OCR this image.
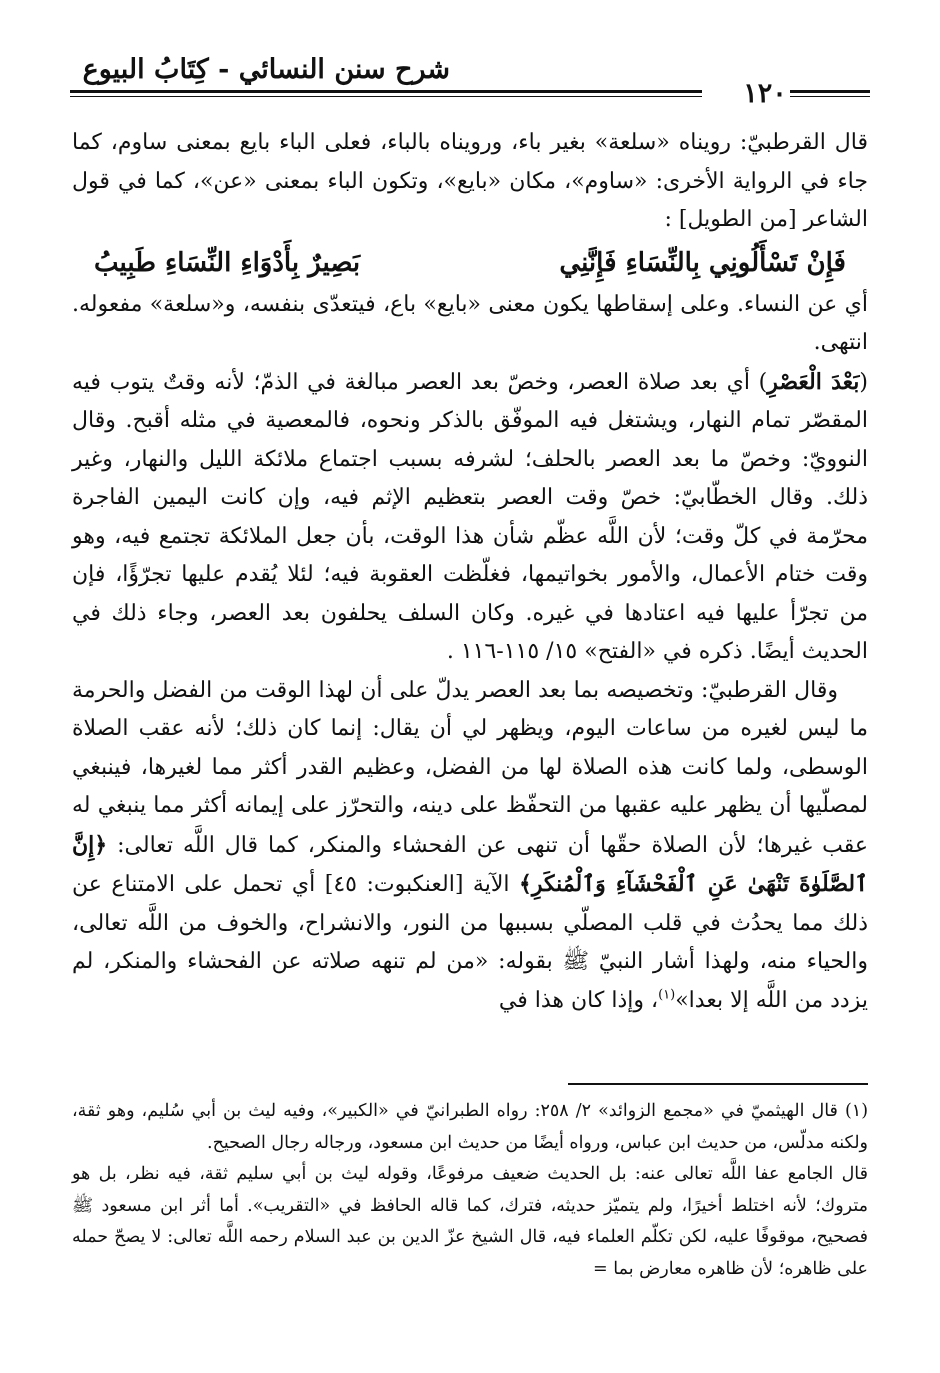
شرح سنن النسائي - كِتَابُ البيوع
١٢٠

قال القرطبيّ: رويناه «سلعة» بغير باء، ورويناه بالباء، فعلى الباء بايع بمعنى ساوم، كما جاء في الرواية الأخرى: «ساوم»، مكان «بايع»، وتكون الباء بمعنى «عن»، كما في قول الشاعر [من الطويل] :

فَإِنْ تَسْأَلُونِي بِالنِّسَاءِ فَإِنَّنِي
بَصِيرٌ بِأَدْوَاءِ النِّسَاءِ طَبِيبُ

أي عن النساء. وعلى إسقاطها يكون معنى «بايع» باع، فيتعدّى بنفسه، و«سلعة» مفعوله. انتهى.

(بَعْدَ الْعَصْرِ) أي بعد صلاة العصر، وخصّ بعد العصر مبالغة في الذمّ؛ لأنه وقتٌ يتوب فيه المقصّر تمام النهار، ويشتغل فيه الموفّق بالذكر ونحوه، فالمعصية في مثله أقبح. وقال النوويّ: وخصّ ما بعد العصر بالحلف؛ لشرفه بسبب اجتماع ملائكة الليل والنهار، وغير ذلك. وقال الخطّابيّ: خصّ وقت العصر بتعظيم الإثم فيه، وإن كانت اليمين الفاجرة محرّمة في كلّ وقت؛ لأن اللَّه عظّم شأن هذا الوقت، بأن جعل الملائكة تجتمع فيه، وهو وقت ختام الأعمال، والأمور بخواتيمها، فغلّظت العقوبة فيه؛ لئلا يُقدم عليها تجرّؤًا، فإن من تجرّأ عليها فيه اعتادها في غيره. وكان السلف يحلفون بعد العصر، وجاء ذلك في الحديث أيضًا. ذكره في «الفتح» ١٥/ ١١٥-١١٦ .

وقال القرطبيّ: وتخصيصه بما بعد العصر يدلّ على أن لهذا الوقت من الفضل والحرمة ما ليس لغيره من ساعات اليوم، ويظهر لي أن يقال: إنما كان ذلك؛ لأنه عقب الصلاة الوسطى، ولما كانت هذه الصلاة لها من الفضل، وعظيم القدر أكثر مما لغيرها، فينبغي لمصلّيها أن يظهر عليه عقبها من التحفّظ على دينه، والتحرّز على إيمانه أكثر مما ينبغي له عقب غيرها؛ لأن الصلاة حقّها أن تنهى عن الفحشاء والمنكر، كما قال اللَّه تعالى: ﴿إِنَّ ٱلصَّلَوٰةَ تَنْهَىٰ عَنِ ٱلْفَحْشَآءِ وَٱلْمُنكَرِ﴾ الآية [العنكبوت: ٤٥] أي تحمل على الامتناع عن ذلك مما يحدُث في قلب المصلّي بسببها من النور، والانشراح، والخوف من اللَّه تعالى، والحياء منه، ولهذا أشار النبيّ ﷺ بقوله: «من لم تنهه صلاته عن الفحشاء والمنكر، لم يزدد من اللَّه إلا بعدا»$^{(١)}$، وإذا كان هذا في

(١) قال الهيثميّ في «مجمع الزوائد» ٢/ ٢٥٨: رواه الطبرانيّ في «الكبير»، وفيه ليث بن أبي سُليم، وهو ثقة، ولكنه مدلّس، من حديث ابن عباس، ورواه أيضًا من حديث ابن مسعود، ورجاله رجال الصحيح.

قال الجامع عفا اللَّه تعالى عنه: بل الحديث ضعيف مرفوعًا، وقوله ليث بن أبي سليم ثقة، فيه نظر، بل هو متروك؛ لأنه اختلط أخيرًا، ولم يتميّز حديثه، فترك، كما قاله الحافظ في «التقريب». أما أثر ابن مسعود ﷺ فصحيح، موقوفًا عليه، لكن تكلّم العلماء فيه، قال الشيخ عزّ الدين بن عبد السلام رحمه اللَّه تعالى: لا يصحّ حمله على ظاهره؛ لأن ظاهره معارض بما =
